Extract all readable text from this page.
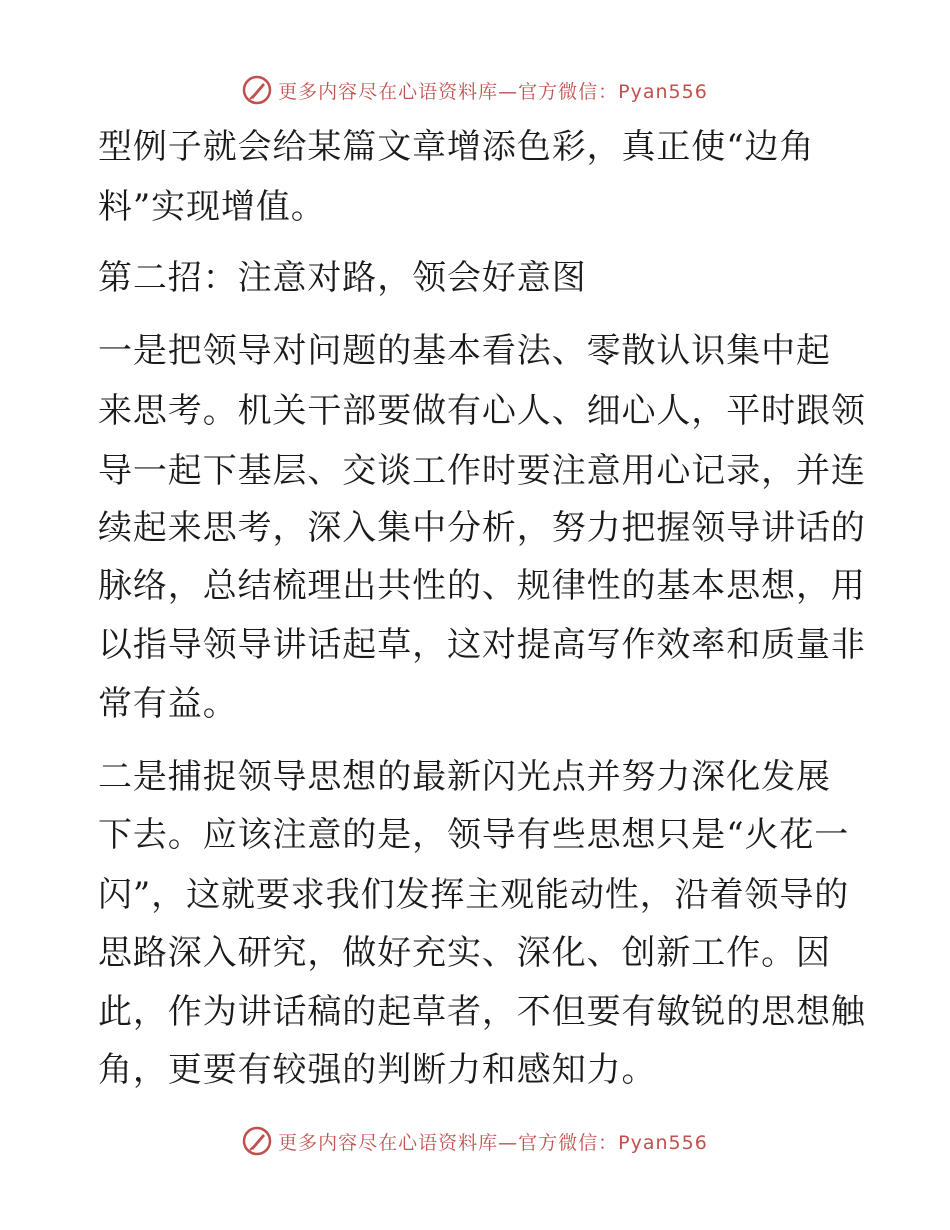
更多内容尽在心语资料库—官方微信：Pyan556
型例子就会给某篇文章增添色彩，真正使“边角
料”实现增值。
第二招：注意对路，领会好意图
一是把领导对问题的基本看法、零散认识集中起
来思考。机关干部要做有心人、细心人，平时跟领
导一起下基层、交谈工作时要注意用心记录，并连
续起来思考，深入集中分析，努力把握领导讲话的
脉络，总结梳理出共性的、规律性的基本思想，用
以指导领导讲话起草，这对提高写作效率和质量非
常有益。
二是捕捉领导思想的最新闪光点并努力深化发展
下去。应该注意的是，领导有些思想只是“火花一
闪”，这就要求我们发挥主观能动性，沿着领导的
思路深入研究，做好充实、深化、创新工作。因
此，作为讲话稿的起草者，不但要有敏锐的思想触
角，更要有较强的判断力和感知力。
更多内容尽在心语资料库—官方微信：Pyan556
